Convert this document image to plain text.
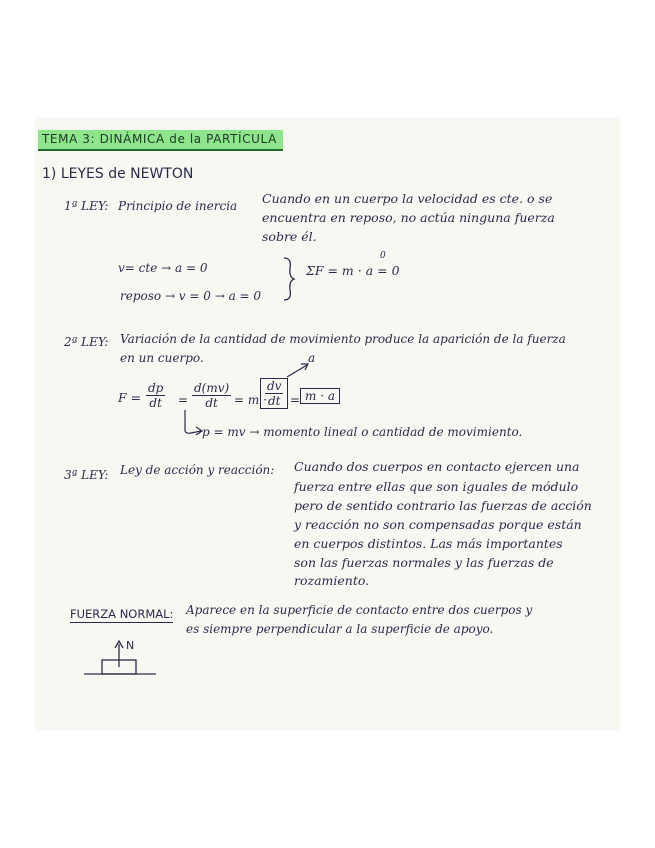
TEMA 3: DINÁMICA de la PARTÍCULA
1) LEYES de NEWTON
1ª LEY: Principio de inercia Cuando en un cuerpo la velocidad es cte. o se
encuentra en reposo, no actúa ninguna fuerza
sobre él.
v= cte → a = 0
reposo → v = 0 → a = 0
ΣF = m · a = 0
0
2ª LEY: Variación de la cantidad de movimiento produce la aparición de la fuerza
en un cuerpo.	a
$F = \frac{dp}{dt} = \frac{d(mv)}{dt} = m$ ·
$\frac{dv}{dt} = m \cdot a$
p = mv → momento lineal o cantidad de movimiento.
3ª LEY: Ley de acción y reacción: Cuando dos cuerpos en contacto ejercen una
fuerza entre ellas que son iguales de módulo
pero de sentido contrario las fuerzas de acción
y reacción no son compensadas porque están
en cuerpos distintos. Las más importantes
son las fuerzas normales y las fuerzas de
rozamiento.
FUERZA NORMAL: Aparece en la superficie de contacto entre dos cuerpos y
es siempre perpendicular a la superficie de apoyo.
N
